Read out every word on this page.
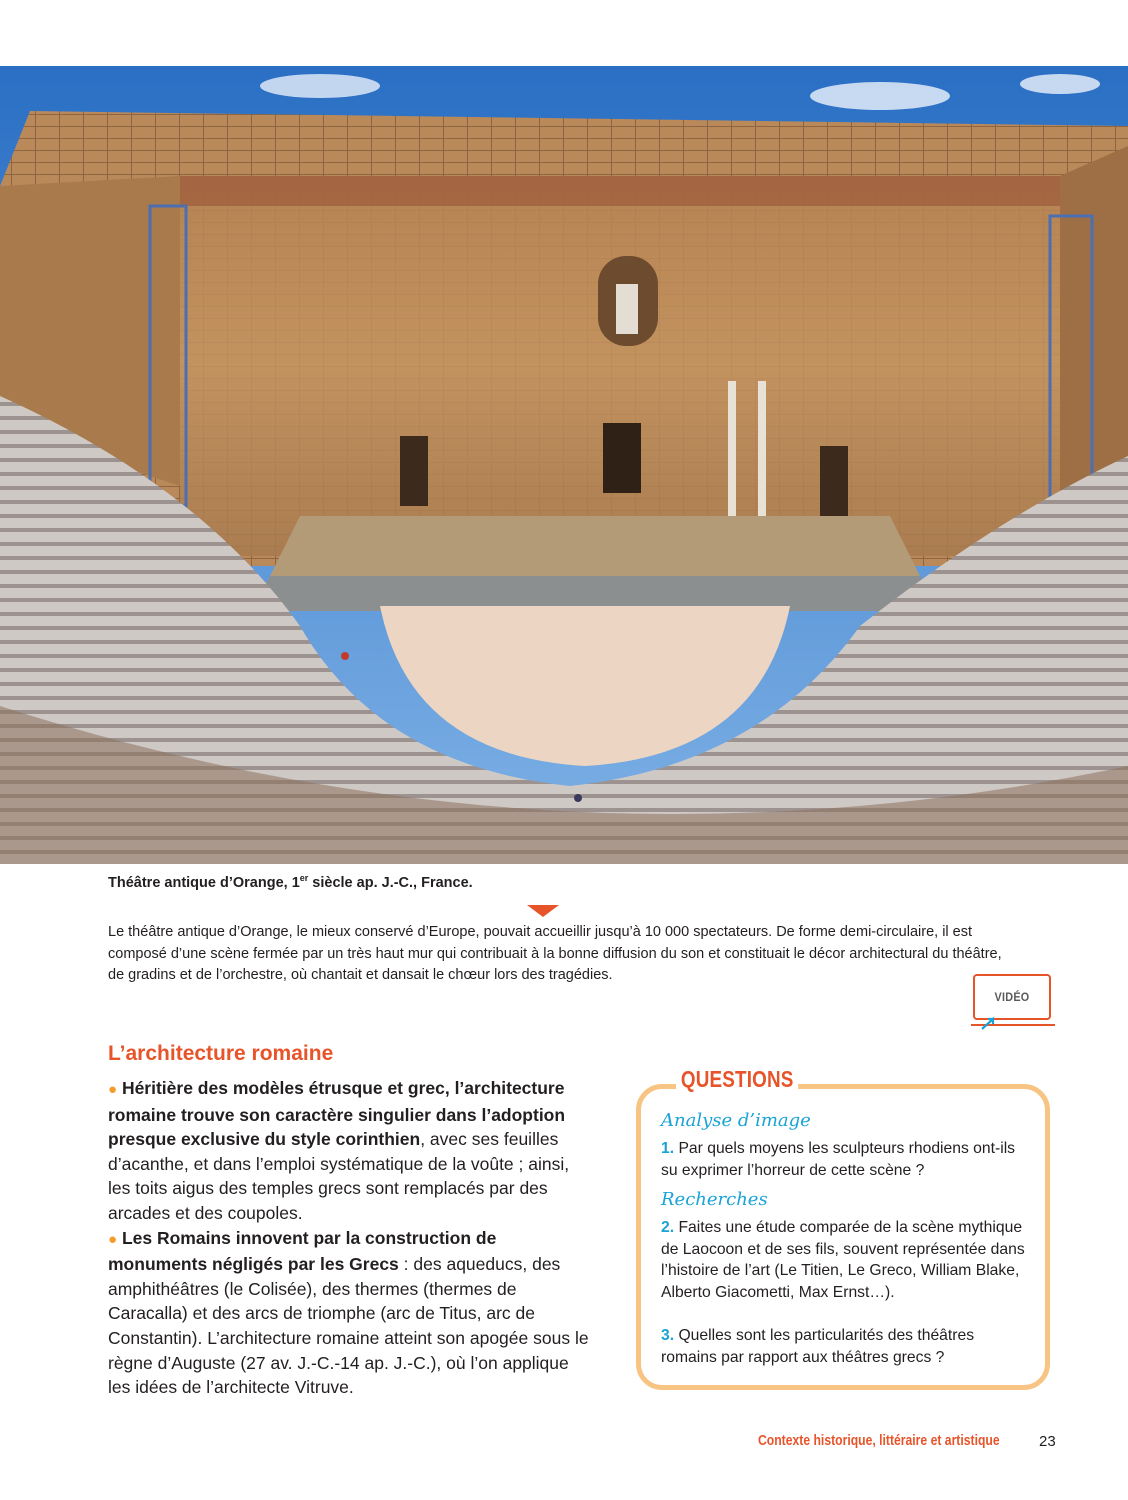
Théâtre antique d’Orange, 1er siècle ap. J.-C., France.
Le théâtre antique d’Orange, le mieux conservé d’Europe, pouvait accueillir jusqu’à 10 000 spectateurs. De forme demi-circulaire, il est composé d’une scène fermée par un très haut mur qui contribuait à la bonne diffusion du son et constituait le décor architectural du théâtre, de gradins et de l’orchestre, où chantait et dansait le chœur lors des tragédies.
VIDÉO
L’architecture romaine

● Héritière des modèles étrusque et grec, l’architecture romaine trouve son caractère singulier dans l’adoption presque exclusive du style corinthien, avec ses feuilles d’acanthe, et dans l’emploi systématique de la voûte ; ainsi, les toits aigus des temples grecs sont remplacés par des arcades et des coupoles.

● Les Romains innovent par la construction de monuments négligés par les Grecs : des aqueducs, des amphithéâtres (le Colisée), des thermes (thermes de Caracalla) et des arcs de triomphe (arc de Titus, arc de Constantin). L’architecture romaine atteint son apogée sous le règne d’Auguste (27 av. J.-C.-14 ap. J.-C.), où l’on applique les idées de l’architecte Vitruve.

QUESTIONS
Analyse d’image
1. Par quels moyens les sculpteurs rhodiens ont-ils su exprimer l’horreur de cette scène ?
Recherches
2. Faites une étude comparée de la scène mythique de Laocoon et de ses fils, souvent représentée dans l’histoire de l’art (Le Titien, Le Greco, William Blake, Alberto Giacometti, Max Ernst…).
3. Quelles sont les particularités des théâtres romains par rapport aux théâtres grecs ?
Contexte historique, littéraire et artistique	23
